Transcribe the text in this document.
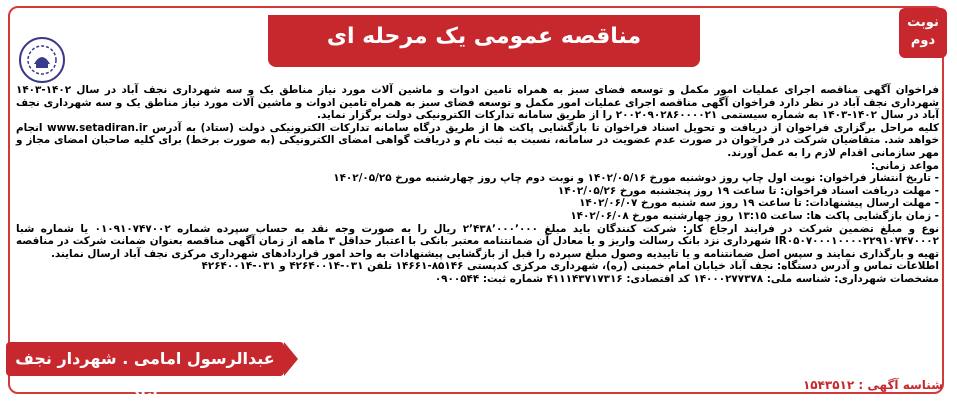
مناقصه عمومی یک مرحله ای
نوبت دوم

فراخوان آگهی مناقصه اجرای عملیات امور مکمل و توسعه فضای سبز به همراه تامین ادوات و ماشین آلات مورد نیاز مناطق یک و سه شهرداری نجف آباد در سال ۱۴۰۲-۱۴۰۳ شهرداری نجف آباد در نظر دارد فراخوان آگهی مناقصه اجرای عملیات امور مکمل و توسعه فضای سبز به همراه تامین ادوات و ماشین آلات مورد نیاز مناطق یک و سه شهرداری نجف آباد در سال ۱۴۰۲-۱۴۰۳ به شماره سیستمی ۲۰۰۲۰۹۰۲۸۶۰۰۰۰۲۱ را از طریق سامانه تدارکات الکترونیکی دولت برگزار نماید.

کلیه مراحل برگزاری فراخوان از دریافت و تحویل اسناد فراخوان تا بازگشایی پاکت ها از طریق درگاه سامانه تدارکات الکترونیکی دولت (ستاد) به آدرس www.setadiran.ir انجام خواهد شد. متقاضیان شرکت در فراخوان در صورت عدم عضویت در سامانه، نسبت به ثبت نام و دریافت گواهی امضای الکترونیکی (به صورت برخط) برای کلیه صاحبان امضای مجاز و مهر سازمانی اقدام لازم را به عمل آورند.

مواعد زمانی:

- تاریخ انتشار فراخوان: نوبت اول چاپ روز دوشنبه مورخ ۱۴۰۲/۰۵/۱۶ و نوبت دوم چاپ روز چهارشنبه مورخ ۱۴۰۲/۰۵/۲۵

- مهلت دریافت اسناد فراخوان: تا ساعت ۱۹ روز پنجشنبه مورخ ۱۴۰۲/۰۵/۲۶

- مهلت ارسال پیشنهادات: تا ساعت ۱۹ روز سه شنبه مورخ ۱۴۰۲/۰۶/۰۷

- زمان بازگشایی پاکت ها: ساعت ۱۳:۱۵ روز چهارشنبه مورخ ۱۴۰۲/۰۶/۰۸

نوع و مبلغ تضمین شرکت در فرایند ارجاع کار: شرکت کنندگان باید مبلغ ۲٬۴۳۸٬۰۰۰٬۰۰۰ ریال را به صورت وجه نقد به حساب سپرده شماره ۰۱۰۹۱۰۷۴۷۰۰۲ یا شماره شبا IR۰۵۰۷۰۰۰۱۰۰۰۰۲۲۹۱۰۷۴۷۰۰۰۲ شهرداری نزد بانک رسالت واریز و یا معادل آن ضمانتنامه معتبر بانکی با اعتبار حداقل ۳ ماهه از زمان آگهی مناقصه بعنوان ضمانت شرکت در مناقصه تهیه و بارگذاری نمایند و سپس اصل ضمانتنامه و یا تاییدیه وصول مبلغ سپرده را قبل از بازگشایی پیشنهادات به واحد امور قراردادهای شهرداری مرکزی نجف آباد ارسال نمایند.

اطلاعات تماس و آدرس دستگاه: نجف آباد خیابان امام خمینی (ره)، شهرداری مرکزی کدپستی ۸۵۱۴۶-۱۴۶۶۱ تلفن ۰۳۱-۴۲۶۴۰۰۱۴ و ۰۳۱-۴۲۶۴۰۰۱۴

مشخصات شهرداری: شناسه ملی: ۱۴۰۰۰۲۷۷۳۷۸ کد اقتصادی: ۴۱۱۱۴۳۷۱۷۳۱۶ شماره ثبت: ۰۹۰۰۵۴۴

عبدالرسول امامی . شهردار نجف آباد	شناسه آگهی : ۱۵۴۳۵۱۲
